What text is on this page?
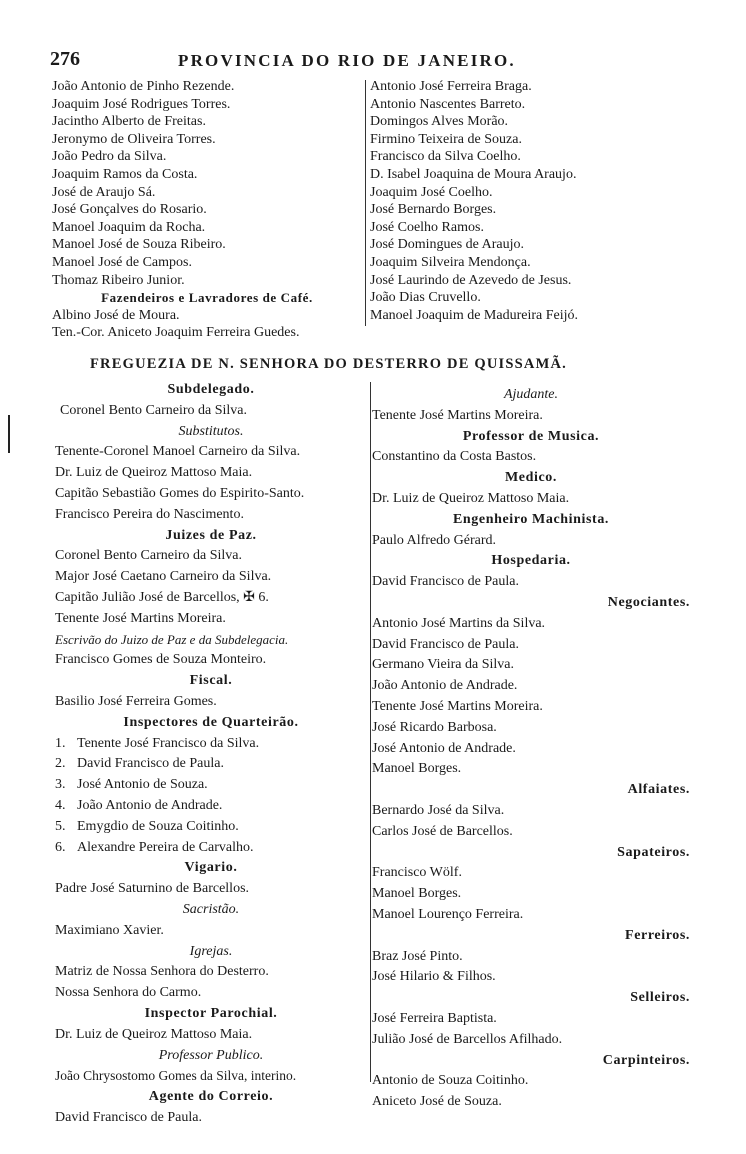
276	PROVINCIA DO RIO DE JANEIRO.
João Antonio de Pinho Rezende.
Joaquim José Rodrigues Torres.
Jacintho Alberto de Freitas.
Jeronymo de Oliveira Torres.
João Pedro da Silva.
Joaquim Ramos da Costa.
José de Araujo Sá.
José Gonçalves do Rosario.
Manoel Joaquim da Rocha.
Manoel José de Souza Ribeiro.
Manoel José de Campos.
Thomaz Ribeiro Junior.
Fazendeiros e Lavradores de Café.
Albino José de Moura.
Ten.-Cor. Aniceto Joaquim Ferreira Guedes.
Antonio José Ferreira Braga.
Antonio Nascentes Barreto.
Domingos Alves Morão.
Firmino Teixeira de Souza.
Francisco da Silva Coelho.
D. Isabel Joaquina de Moura Araujo.
Joaquim José Coelho.
José Bernardo Borges.
José Coelho Ramos.
José Domingues de Araujo.
Joaquim Silveira Mendonça.
José Laurindo de Azevedo de Jesus.
João Dias Cruvello.
Manoel Joaquim de Madureira Feijó.
FREGUEZIA DE N. SENHORA DO DESTERRO DE QUISSAMÃ.
Subdelegado.
Coronel Bento Carneiro da Silva.
Substitutos.
Tenente-Coronel Manoel Carneiro da Silva.
Dr. Luiz de Queiroz Mattoso Maia.
Capitão Sebastião Gomes do Espirito-Santo.
Francisco Pereira do Nascimento.
Juizes de Paz.
Coronel Bento Carneiro da Silva.
Major José Caetano Carneiro da Silva.
Capitão Julião José de Barcellos, ✠ 6.
Tenente José Martins Moreira.
Escrivão do Juizo de Paz e da Subdelegacia.
Francisco Gomes de Souza Monteiro.
Fiscal.
Basilio José Ferreira Gomes.
Inspectores de Quarteirão.
1. Tenente José Francisco da Silva.
2. David Francisco de Paula.
3. José Antonio de Souza.
4. João Antonio de Andrade.
5. Emygdio de Souza Coitinho.
6. Alexandre Pereira de Carvalho.
Vigario.
Padre José Saturnino de Barcellos.
Sacristão.
Maximiano Xavier.
Igrejas.
Matriz de Nossa Senhora do Desterro.
Nossa Senhora do Carmo.
Inspector Parochial.
Dr. Luiz de Queiroz Mattoso Maia.
Professor Publico.
João Chrysostomo Gomes da Silva, interino.
Agente do Correio.
David Francisco de Paula.
Ajudante.
Tenente José Martins Moreira.
Professor de Musica.
Constantino da Costa Bastos.
Medico.
Dr. Luiz de Queiroz Mattoso Maia.
Engenheiro Machinista.
Paulo Alfredo Gérard.
Hospedaria.
David Francisco de Paula.
Negociantes.
Antonio José Martins da Silva.
David Francisco de Paula.
Germano Vieira da Silva.
João Antonio de Andrade.
Tenente José Martins Moreira.
José Ricardo Barbosa.
José Antonio de Andrade.
Manoel Borges.
Alfaiates.
Bernardo José da Silva.
Carlos José de Barcellos.
Sapateiros.
Francisco Wölf.
Manoel Borges.
Manoel Lourenço Ferreira.
Ferreiros.
Braz José Pinto.
José Hilario & Filhos.
Selleiros.
José Ferreira Baptista.
Julião José de Barcellos Afilhado.
Carpinteiros.
Antonio de Souza Coitinho.
Aniceto José de Souza.
